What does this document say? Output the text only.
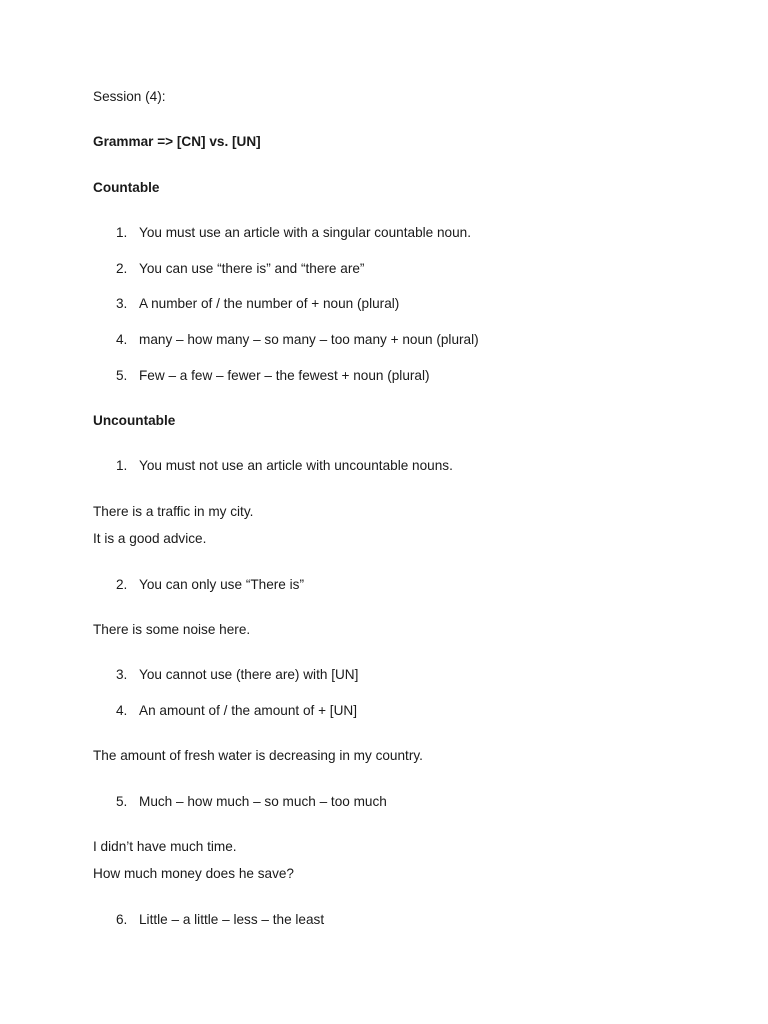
Session (4):
Grammar => [CN] vs. [UN]
Countable
1. You must use an article with a singular countable noun.
2. You can use “there is” and “there are”
3. A number of / the number of + noun (plural)
4. many – how many – so many – too many + noun (plural)
5. Few – a few – fewer – the fewest + noun (plural)
Uncountable
1. You must not use an article with uncountable nouns.
There is a traffic in my city.
It is a good advice.
2. You can only use “There is”
There is some noise here.
3. You cannot use (there are) with [UN]
4. An amount of / the amount of + [UN]
The amount of fresh water is decreasing in my country.
5. Much – how much – so much – too much
I didn’t have much time.
How much money does he save?
6. Little – a little – less – the least
